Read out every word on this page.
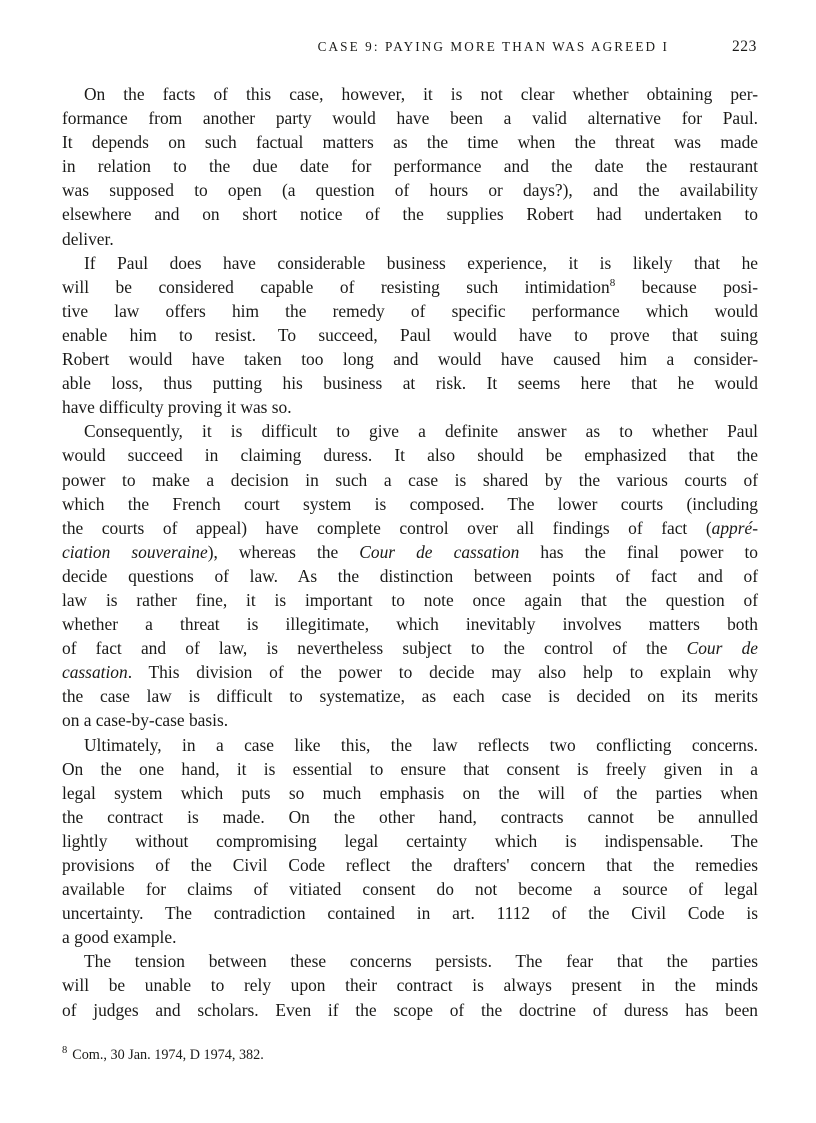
CASE 9: PAYING MORE THAN WAS AGREED I	223

On the facts of this case, however, it is not clear whether obtaining per-
formance from another party would have been a valid alternative for Paul.
It depends on such factual matters as the time when the threat was made
in relation to the due date for performance and the date the restaurant
was supposed to open (a question of hours or days?), and the availability
elsewhere and on short notice of the supplies Robert had undertaken to
deliver.

If Paul does have considerable business experience, it is likely that he
will be considered capable of resisting such intimidation$^8$ because posi-
tive law offers him the remedy of specific performance which would
enable him to resist. To succeed, Paul would have to prove that suing
Robert would have taken too long and would have caused him a consider-
able loss, thus putting his business at risk. It seems here that he would
have difficulty proving it was so.

Consequently, it is difficult to give a definite answer as to whether Paul
would succeed in claiming duress. It also should be emphasized that the
power to make a decision in such a case is shared by the various courts of
which the French court system is composed. The lower courts (including
the courts of appeal) have complete control over all findings of fact (appré-
ciation souveraine), whereas the Cour de cassation has the final power to
decide questions of law. As the distinction between points of fact and of
law is rather fine, it is important to note once again that the question of
whether a threat is illegitimate, which inevitably involves matters both
of fact and of law, is nevertheless subject to the control of the Cour de
cassation. This division of the power to decide may also help to explain why
the case law is difficult to systematize, as each case is decided on its merits
on a case-by-case basis.

Ultimately, in a case like this, the law reflects two conflicting concerns.
On the one hand, it is essential to ensure that consent is freely given in a
legal system which puts so much emphasis on the will of the parties when
the contract is made. On the other hand, contracts cannot be annulled
lightly without compromising legal certainty which is indispensable. The
provisions of the Civil Code reflect the drafters' concern that the remedies
available for claims of vitiated consent do not become a source of legal
uncertainty. The contradiction contained in art. 1112 of the Civil Code is
a good example.

The tension between these concerns persists. The fear that the parties
will be unable to rely upon their contract is always present in the minds
of judges and scholars. Even if the scope of the doctrine of duress has been

$^8$ Com., 30 Jan. 1974, D 1974, 382.
